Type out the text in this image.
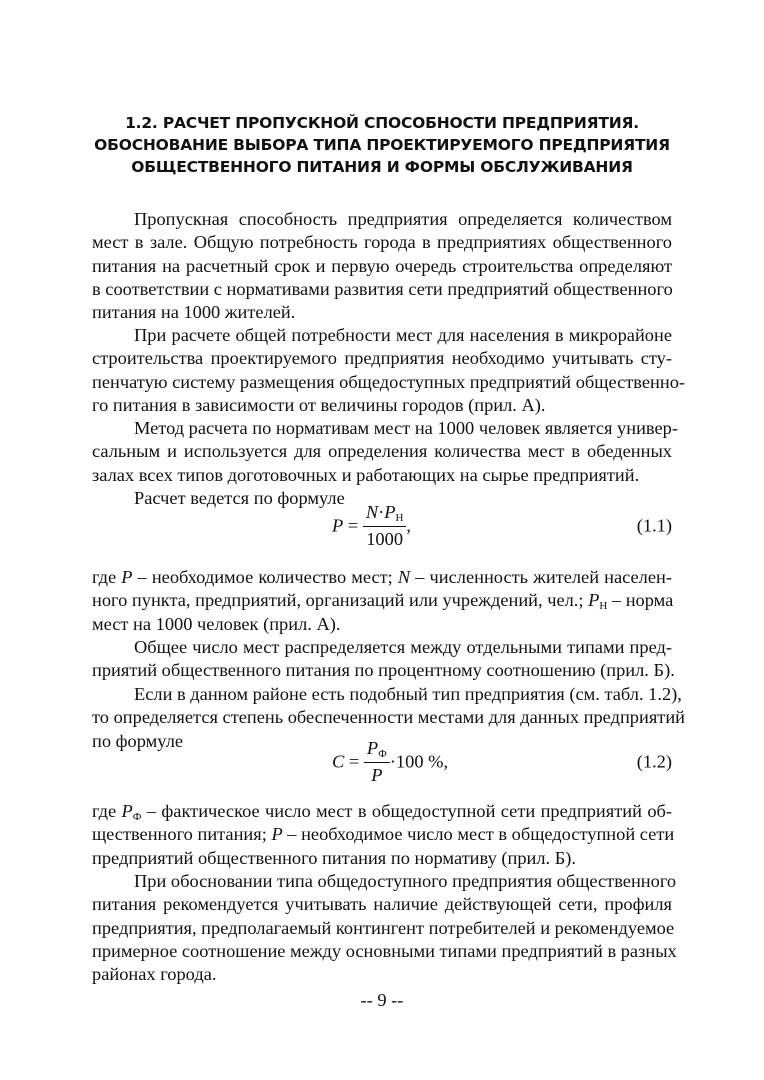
1.2. РАСЧЕТ ПРОПУСКНОЙ СПОСОБНОСТИ ПРЕДПРИЯТИЯ.
ОБОСНОВАНИЕ ВЫБОРА ТИПА ПРОЕКТИРУЕМОГО ПРЕДПРИЯТИЯ
ОБЩЕСТВЕННОГО ПИТАНИЯ И ФОРМЫ ОБСЛУЖИВАНИЯ
Пропускная способность предприятия определяется количеством
мест в зале. Общую потребность города в предприятиях общественного
питания на расчетный срок и первую очередь строительства определяют
в соответствии с нормативами развития сети предприятий общественного
питания на 1000 жителей.
При расчете общей потребности мест для населения в микрорайоне
строительства проектируемого предприятия необходимо учитывать сту-
пенчатую систему размещения общедоступных предприятий общественно-
го питания в зависимости от величины городов (прил. А).
Метод расчета по нормативам мест на 1000 человек является универ-
сальным и используется для определения количества мест в обеденных
залах всех типов доготовочных и работающих на сырье предприятий.
Расчет ведется по формуле
$P = \frac{N\cdot P_Н}{1000}$ ,	(1.1)
где P – необходимое количество мест; N – численность жителей населен-
ного пункта, предприятий, организаций или учреждений, чел.; $P_Н$ – норма
мест на 1000 человек (прил. А).
Общее число мест распределяется между отдельными типами пред-
приятий общественного питания по процентному соотношению (прил. Б).
Если в данном районе есть подобный тип предприятия (см. табл. 1.2),
то определяется степень обеспеченности местами для данных предприятий
по формуле
$C = \frac{P_Ф}{P} \cdot 100$ %,	(1.2)
где $P_Ф$ – фактическое число мест в общедоступной сети предприятий об-
щественного питания; P – необходимое число мест в общедоступной сети
предприятий общественного питания по нормативу (прил. Б).
При обосновании типа общедоступного предприятия общественного
питания рекомендуется учитывать наличие действующей сети, профиля
предприятия, предполагаемый контингент потребителей и рекомендуемое
примерное соотношение между основными типами предприятий в разных
районах города.
-- 9 --
